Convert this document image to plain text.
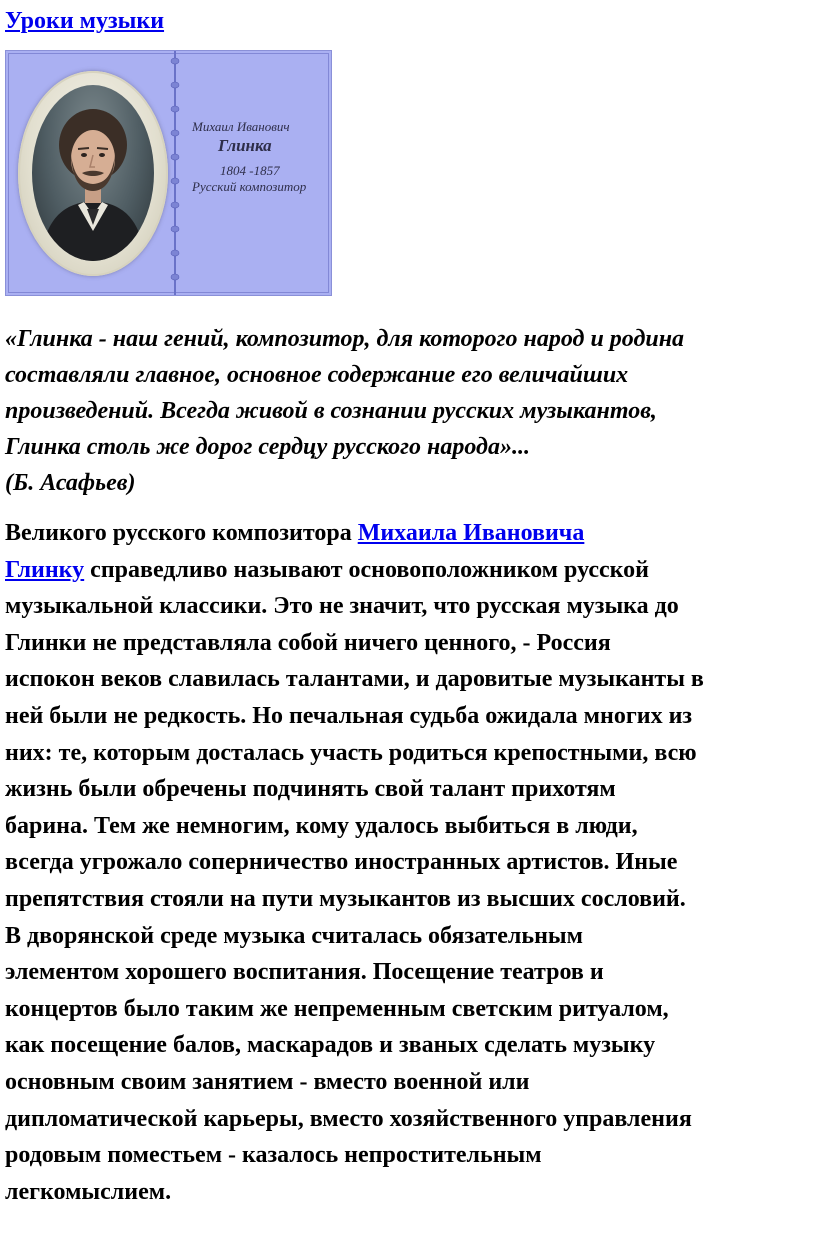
Уроки музыки
Михаил Иванович
Глинка
1804 -1857
Русский композитор
«Глинка - наш гений, композитор, для которого народ и родина
составляли главное, основное содержание его величайших
произведений. Всегда живой в сознании русских музыкантов,
Глинка столь же дорог сердцу русского народа»...
(Б. Асафьев)
Великого русского композитора Михаила Ивановича
Глинку справедливо называют основоположником русской
музыкальной классики. Это не значит, что русская музыка до
Глинки не представляла собой ничего ценного, - Россия
испокон веков славилась талантами, и даровитые музыканты в
ней были не редкость. Но печальная судьба ожидала многих из
них: те, которым досталась участь родиться крепостными, всю
жизнь были обречены подчинять свой талант прихотям
барина. Тем же немногим, кому удалось выбиться в люди,
всегда угрожало соперничество иностранных артистов. Иные
препятствия стояли на пути музыкантов из высших сословий.
В дворянской среде музыка считалась обязательным
элементом хорошего воспитания. Посещение театров и
концертов было таким же непременным светским ритуалом,
как посещение балов, маскарадов и званых сделать музыку
основным своим занятием - вместо военной или
дипломатической карьеры, вместо хозяйственного управления
родовым поместьем - казалось непростительным
легкомыслием.
